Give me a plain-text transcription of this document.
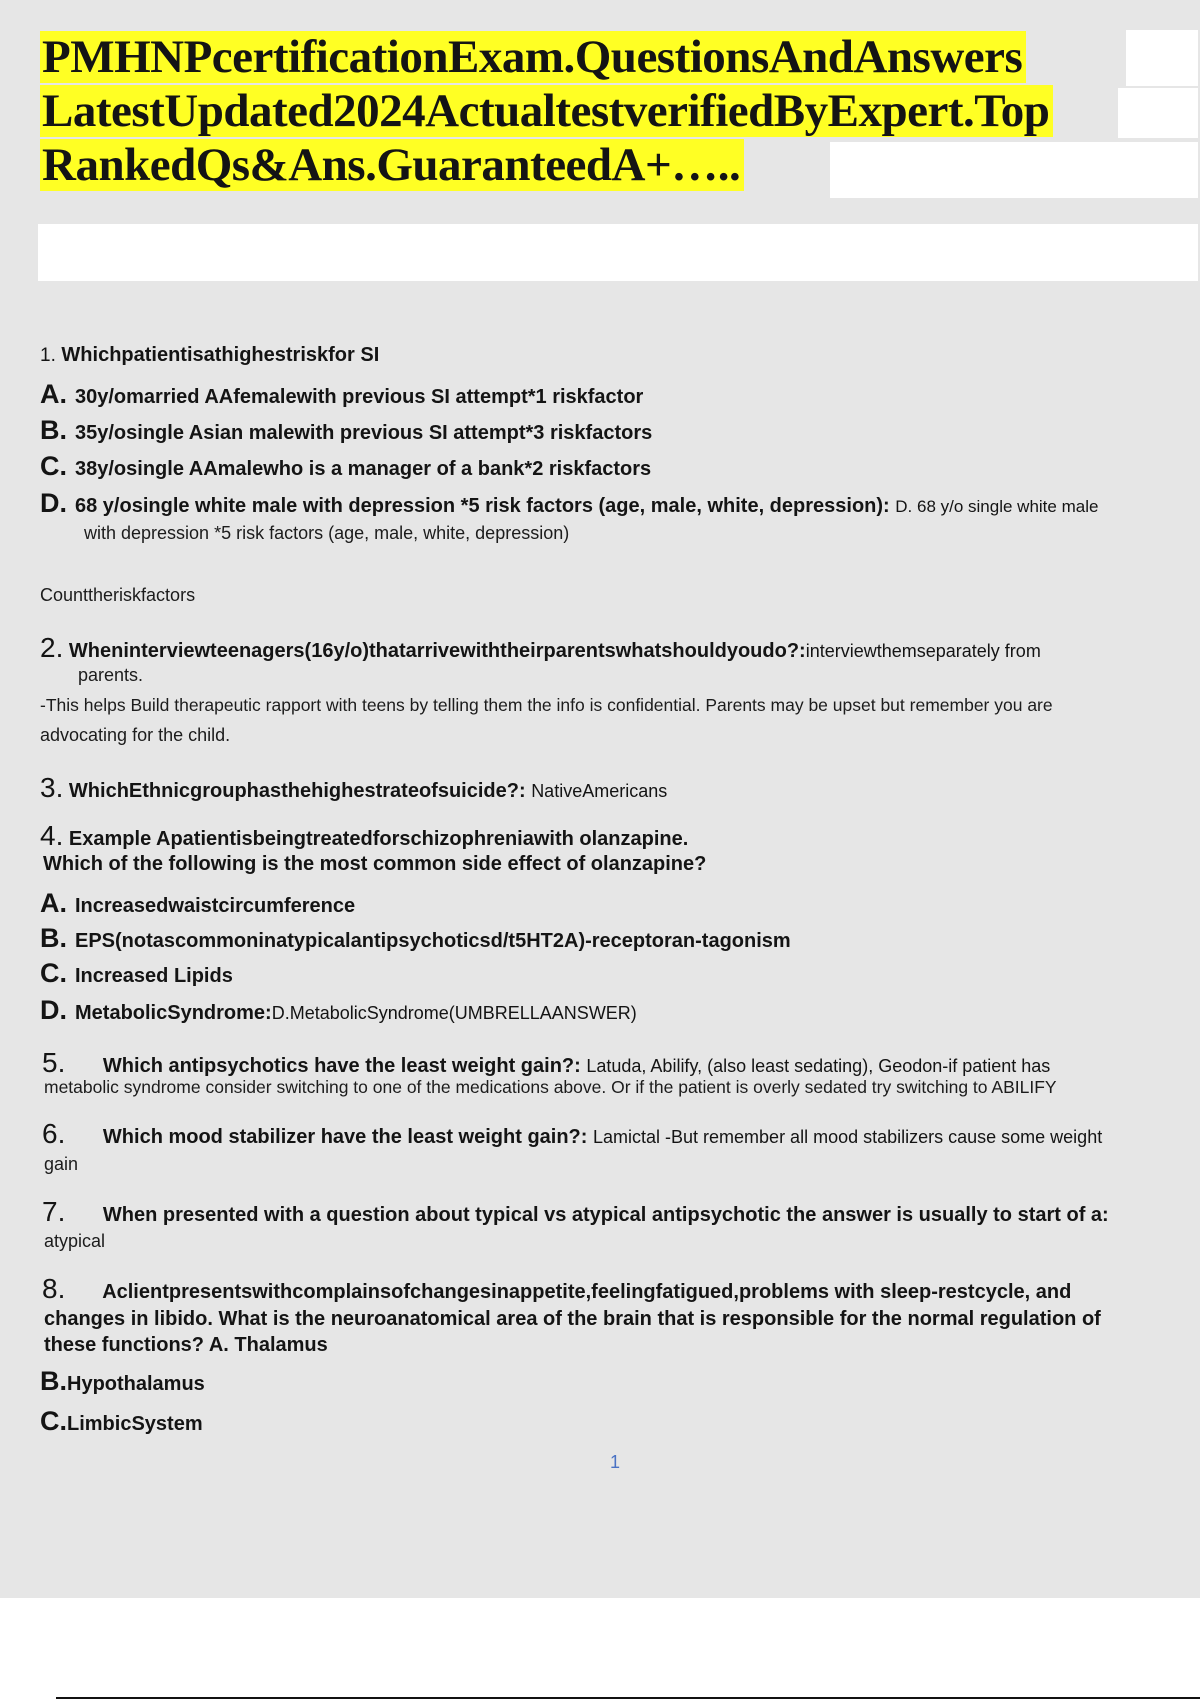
PMHNPcertificationExam.QuestionsAndAnswers
LatestUpdated2024ActualtestverifiedByExpert.Top
RankedQs&Ans.GuaranteedA+…..
1. Whichpatientisathighestriskfor SI
A. 30y/omarried AAfemalewith previous SI attempt*1 riskfactor
B. 35y/osingle Asian malewith previous SI attempt*3 riskfactors
C. 38y/osingle AAmalewho is a manager of a bank*2 riskfactors
D. 68 y/osingle white male with depression *5 risk factors (age, male, white, depression): D. 68 y/o single white male
with depression *5 risk factors (age, male, white, depression)
Counttheriskfactors
2. Wheninterviewteenagers(16y/o)thatarrivewiththeirparentswhatshouldyoudo?:interviewthemseparately from
parents.
-This helps Build therapeutic rapport with teens by telling them the info is confidential. Parents may be upset but remember you are
advocating for the child.
3. WhichEthnicgrouphasthehighestrateofsuicide?: NativeAmericans
4. Example Apatientisbeingtreatedforschizophreniawith olanzapine.
Which of the following is the most common side effect of olanzapine?
A. Increasedwaistcircumference
B. EPS(notascommoninatypicalantipsychoticsd/t5HT2A)-receptoran-tagonism
C. Increased Lipids
D. MetabolicSyndrome:D.MetabolicSyndrome(UMBRELLAANSWER)
5. Which antipsychotics have the least weight gain?: Latuda, Abilify, (also least sedating), Geodon-if patient has
metabolic syndrome consider switching to one of the medications above. Or if the patient is overly sedated try switching to ABILIFY
6. Which mood stabilizer have the least weight gain?: Lamictal -But remember all mood stabilizers cause some weight
gain
7. When presented with a question about typical vs atypical antipsychotic the answer is usually to start of a:
atypical
8. Aclientpresentswithcomplainsofchangesinappetite,feelingfatigued,problems with sleep-restcycle, and
changes in libido. What is the neuroanatomical area of the brain that is responsible for the normal regulation of
these functions? A. Thalamus
B.Hypothalamus
C.LimbicSystem
1
